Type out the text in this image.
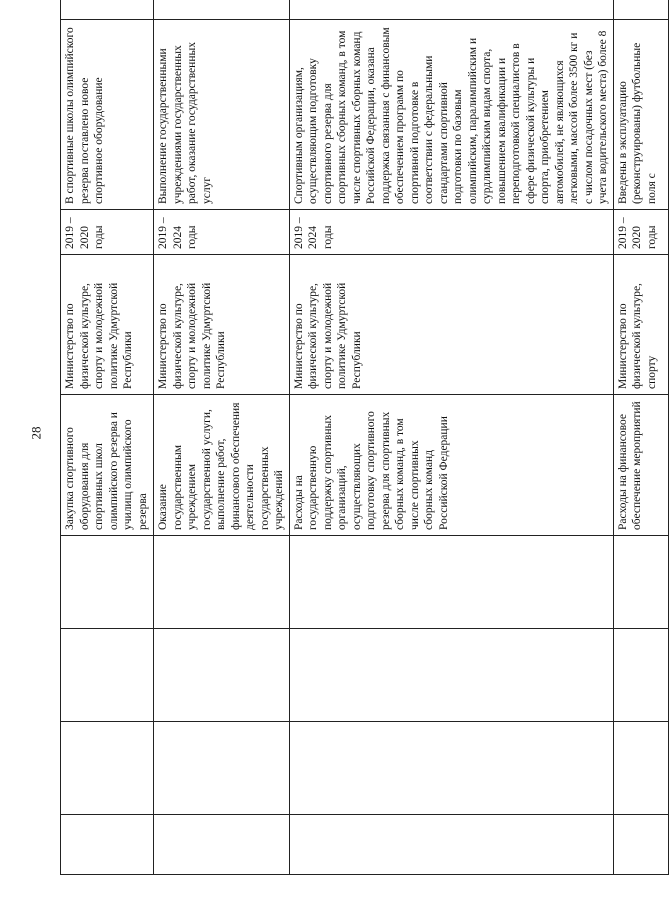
28
				Закупка спортивного оборудования для спортивных школ олимпийского резерва и училищ олимпийского резерва	Министерство по физической культуре, спорту и молодежной политике Удмуртской Республики	2019 – 2020 годы	В спортивные школы олимпийского резерва поставлено новое спортивное оборудование	
				Оказание государственным учреждением государственной услуги, выполнение работ, финансового обеспечения деятельности государственных учреждений	Министерство по физической культуре, спорту и молодежной политике Удмуртской Республики	2019 – 2024 годы	Выполнение государственными учреждениями государственных работ, оказание государственных услуг	
				Расходы на государственную поддержку спортивных организаций, осуществляющих подготовку спортивного резерва для спортивных сборных команд, в том числе спортивных сборных команд Российской Федерации	Министерство по физической культуре, спорту и молодежной политике Удмуртской Республики	2019 – 2024 годы	Спортивным организациям, осуществляющим подготовку спортивного резерва для спортивных сборных команд, в том числе спортивных сборных команд Российской Федерации, оказана поддержка связанная с финансовым обеспечением программ по спортивной подготовке в соответствии с федеральными стандартами спортивной подготовки по базовым олимпийским, паралимпийским и сурдлимпийским видам спорта, повышением квалификации и переподготовкой специалистов в сфере физической культуры и спорта, приобретением автомобилей, не являющихся легковыми, массой более 3500 кг и с числом посадочных мест (без учета водительского места) более 8	
				Расходы на финансовое обеспечение мероприятий	Министерство по физической культуре, спорту	2019 – 2020 годы	Введены в эксплуатацию (реконструированы) футбольные поля с	
